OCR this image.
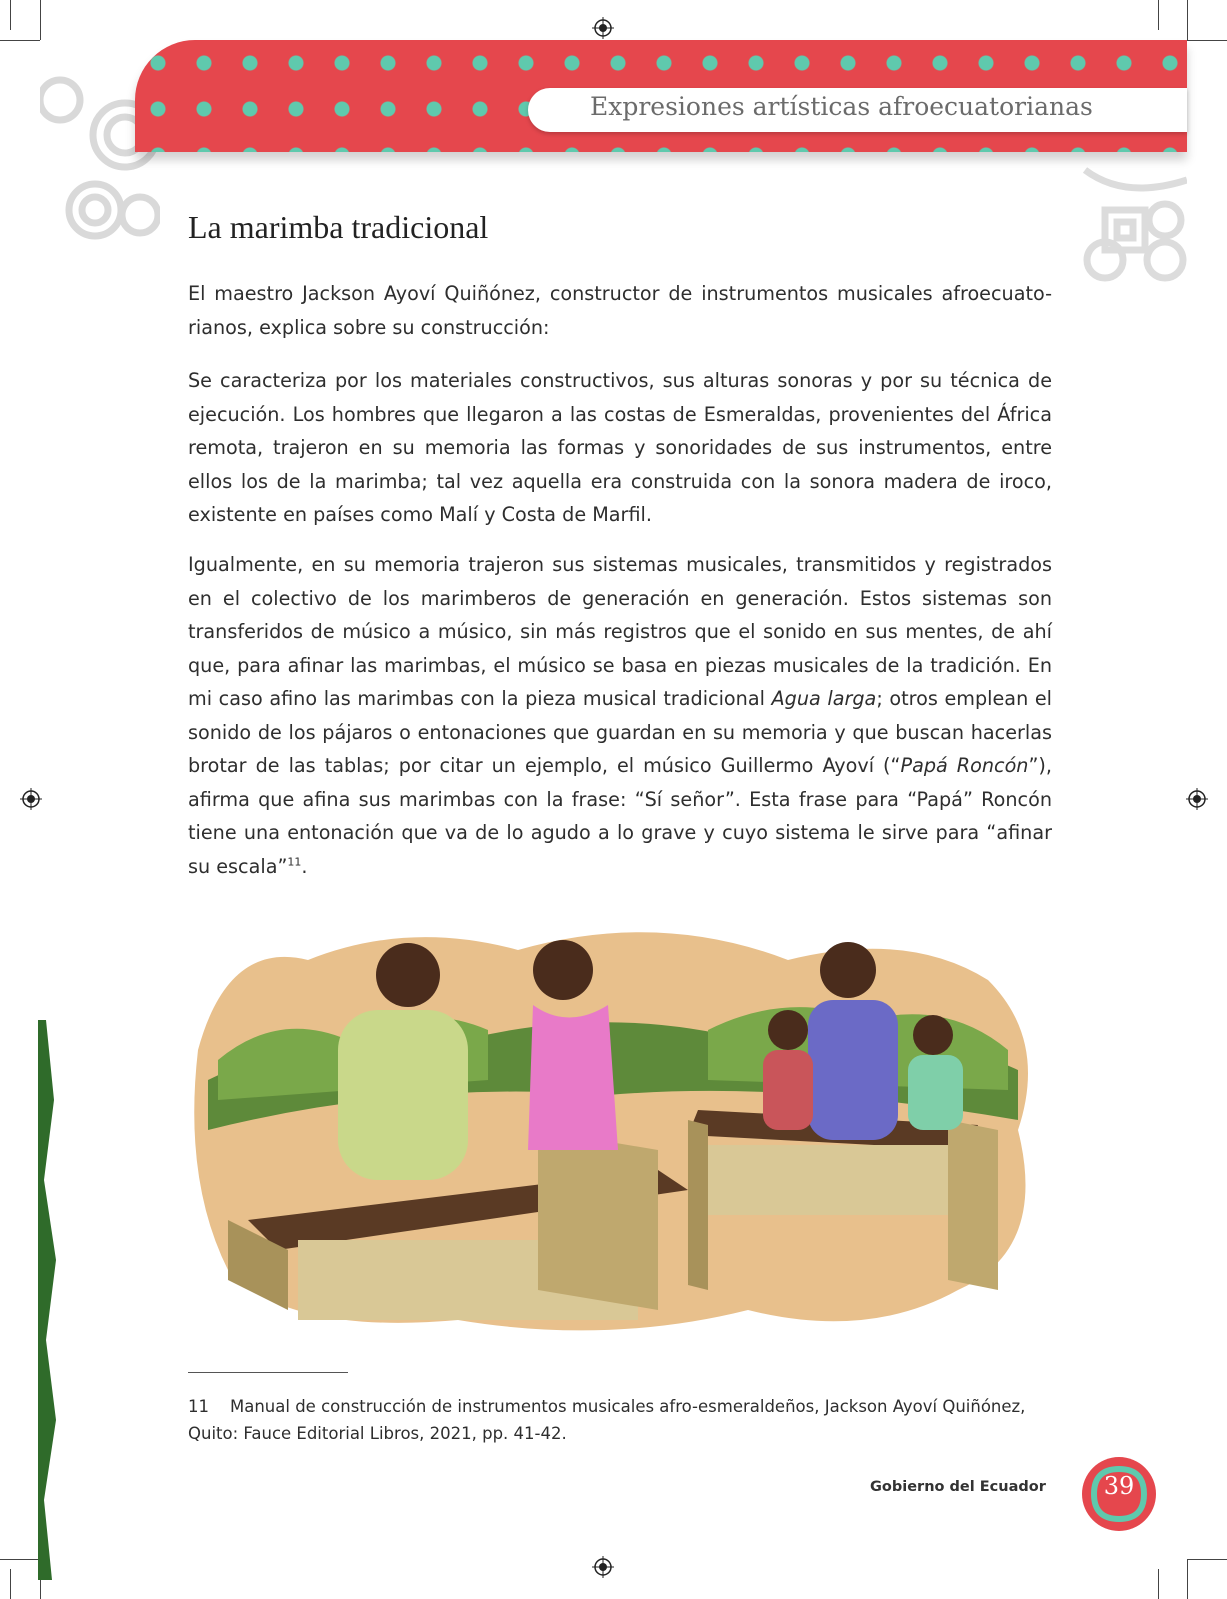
Expresiones artísticas afroecuatorianas
La marimba tradicional

El maestro Jackson Ayoví Quiñónez, constructor de instrumentos musicales afroecuato-rianos, explica sobre su construcción:

Se caracteriza por los materiales constructivos, sus alturas sonoras y por su técnica de ejecución. Los hombres que llegaron a las costas de Esmeraldas, provenientes del África remota, trajeron en su memoria las formas y sonoridades de sus instrumentos, entre ellos los de la marimba; tal vez aquella era construida con la sonora madera de iroco, existente en países como Malí y Costa de Marfil.

Igualmente, en su memoria trajeron sus sistemas musicales, transmitidos y registrados en el colectivo de los marimberos de generación en generación. Estos sistemas son transferidos de músico a músico, sin más registros que el sonido en sus mentes, de ahí que, para afinar las marimbas, el músico se basa en piezas musicales de la tradición. En mi caso afino las marimbas con la pieza musical tradicional Agua larga; otros emplean el sonido de los pájaros o entonaciones que guardan en su memoria y que buscan hacerlas brotar de las tablas; por citar un ejemplo, el músico Guillermo Ayoví (“Papá Roncón”), afirma que afina sus marimbas con la frase: “Sí señor”. Esta frase para “Papá” Roncón tiene una entonación que va de lo agudo a lo grave y cuyo sistema le sirve para “afinar su escala”$^{11}$.

11 Manual de construcción de instrumentos musicales afro-esmeraldeños, Jackson Ayoví Quiñónez, Quito: Fauce Editorial Libros, 2021, pp. 41-42.

Gobierno del Ecuador	39
